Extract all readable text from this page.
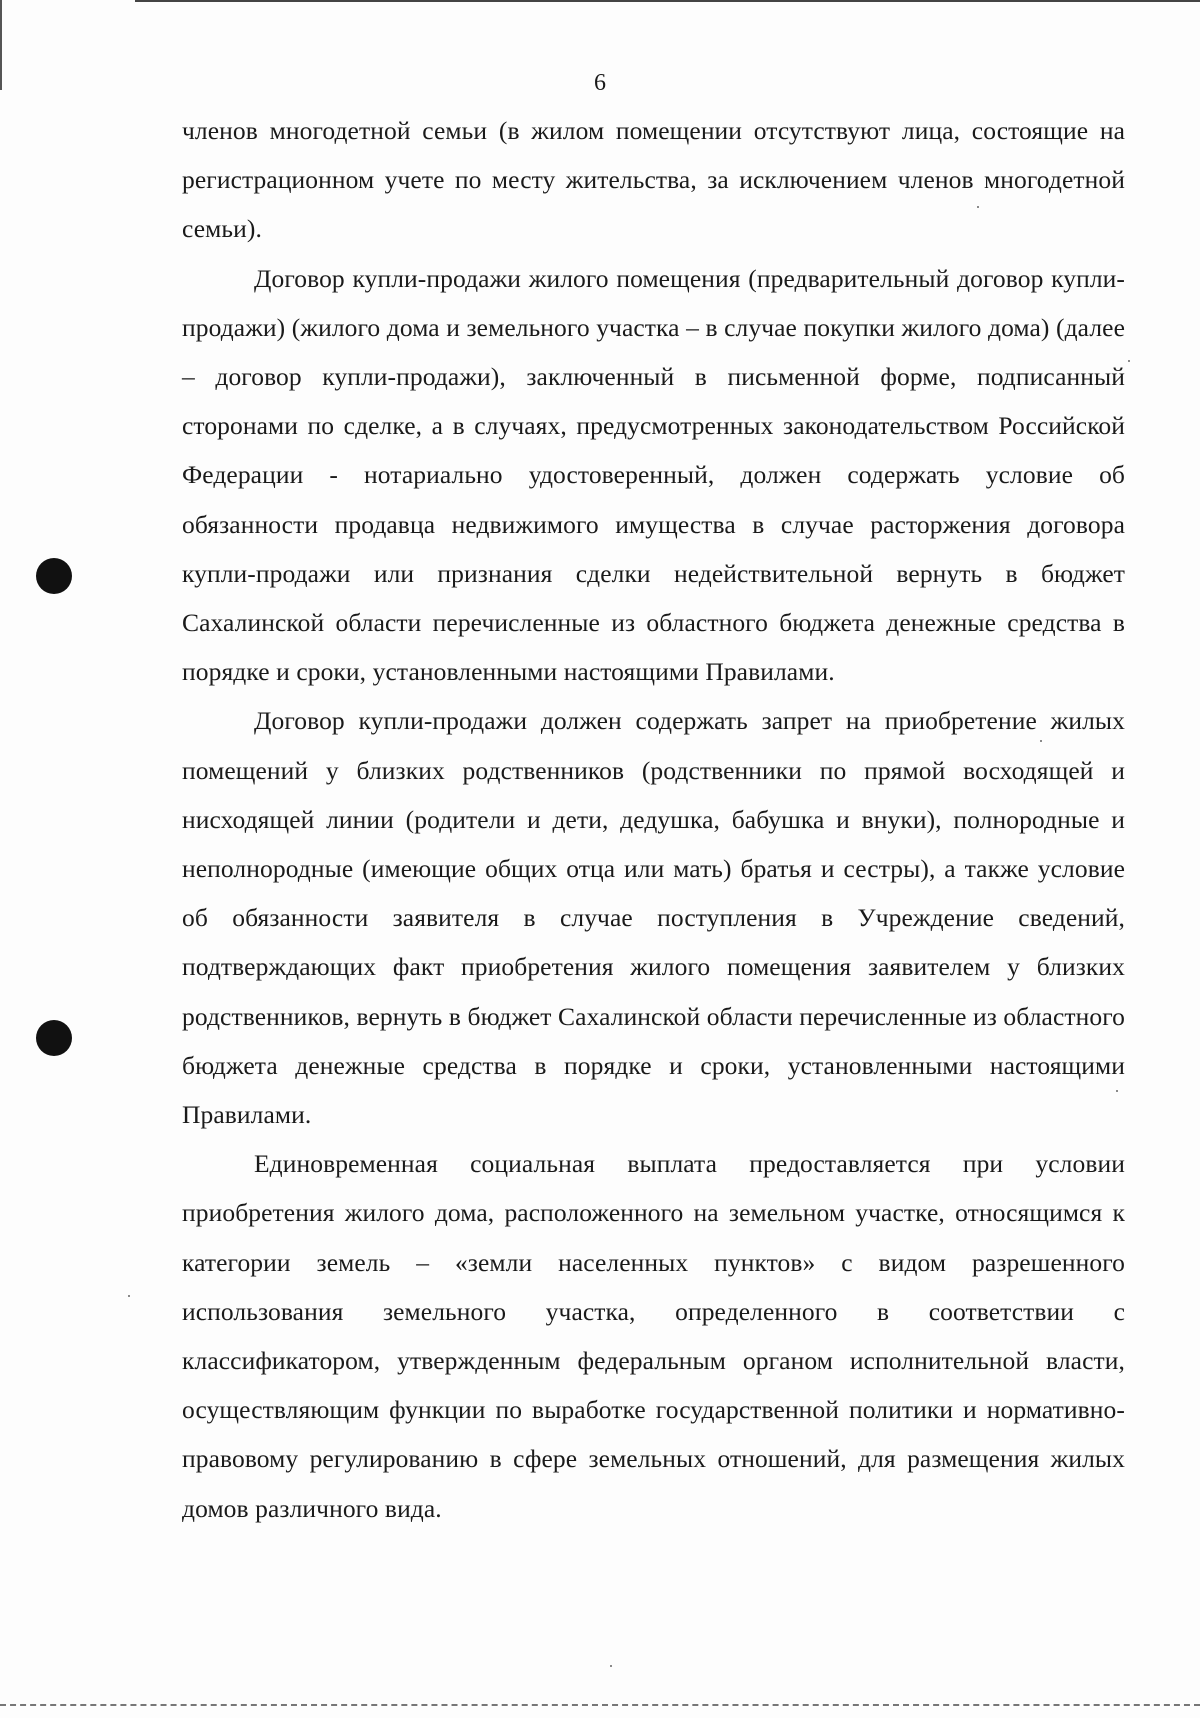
6

членов многодетной семьи (в жилом помещении отсутствуют лица, состоящие на регистрационном учете по месту жительства, за исключением членов многодетной семьи).

Договор купли-продажи жилого помещения (предварительный договор купли-продажи) (жилого дома и земельного участка – в случае покупки жилого дома) (далее – договор купли-продажи), заключенный в письменной форме, подписанный сторонами по сделке, а в случаях, предусмотренных законодательством Российской Федерации - нотариально удостоверенный, должен содержать условие об обязанности продавца недвижимого имущества в случае расторжения договора купли-продажи или признания сделки недействительной вернуть в бюджет Сахалинской области перечисленные из областного бюджета денежные средства в порядке и сроки, установленными настоящими Правилами.

Договор купли-продажи должен содержать запрет на приобретение жилых помещений у близких родственников (родственники по прямой восходящей и нисходящей линии (родители и дети, дедушка, бабушка и внуки), полнородные и неполнородные (имеющие общих отца или мать) братья и сестры), а также условие об обязанности заявителя в случае поступления в Учреждение сведений, подтверждающих факт приобретения жилого помещения заявителем у близких родственников, вернуть в бюджет Сахалинской области перечисленные из областного бюджета денежные средства в порядке и сроки, установленными настоящими Правилами.

Единовременная социальная выплата предоставляется при условии приобретения жилого дома, расположенного на земельном участке, относящимся к категории земель – «земли населенных пунктов» с видом разрешенного использования земельного участка, определенного в соответствии с классификатором, утвержденным федеральным органом исполнительной власти, осуществляющим функции по выработке государственной политики и нормативно-правовому регулированию в сфере земельных отношений, для размещения жилых домов различного вида.
